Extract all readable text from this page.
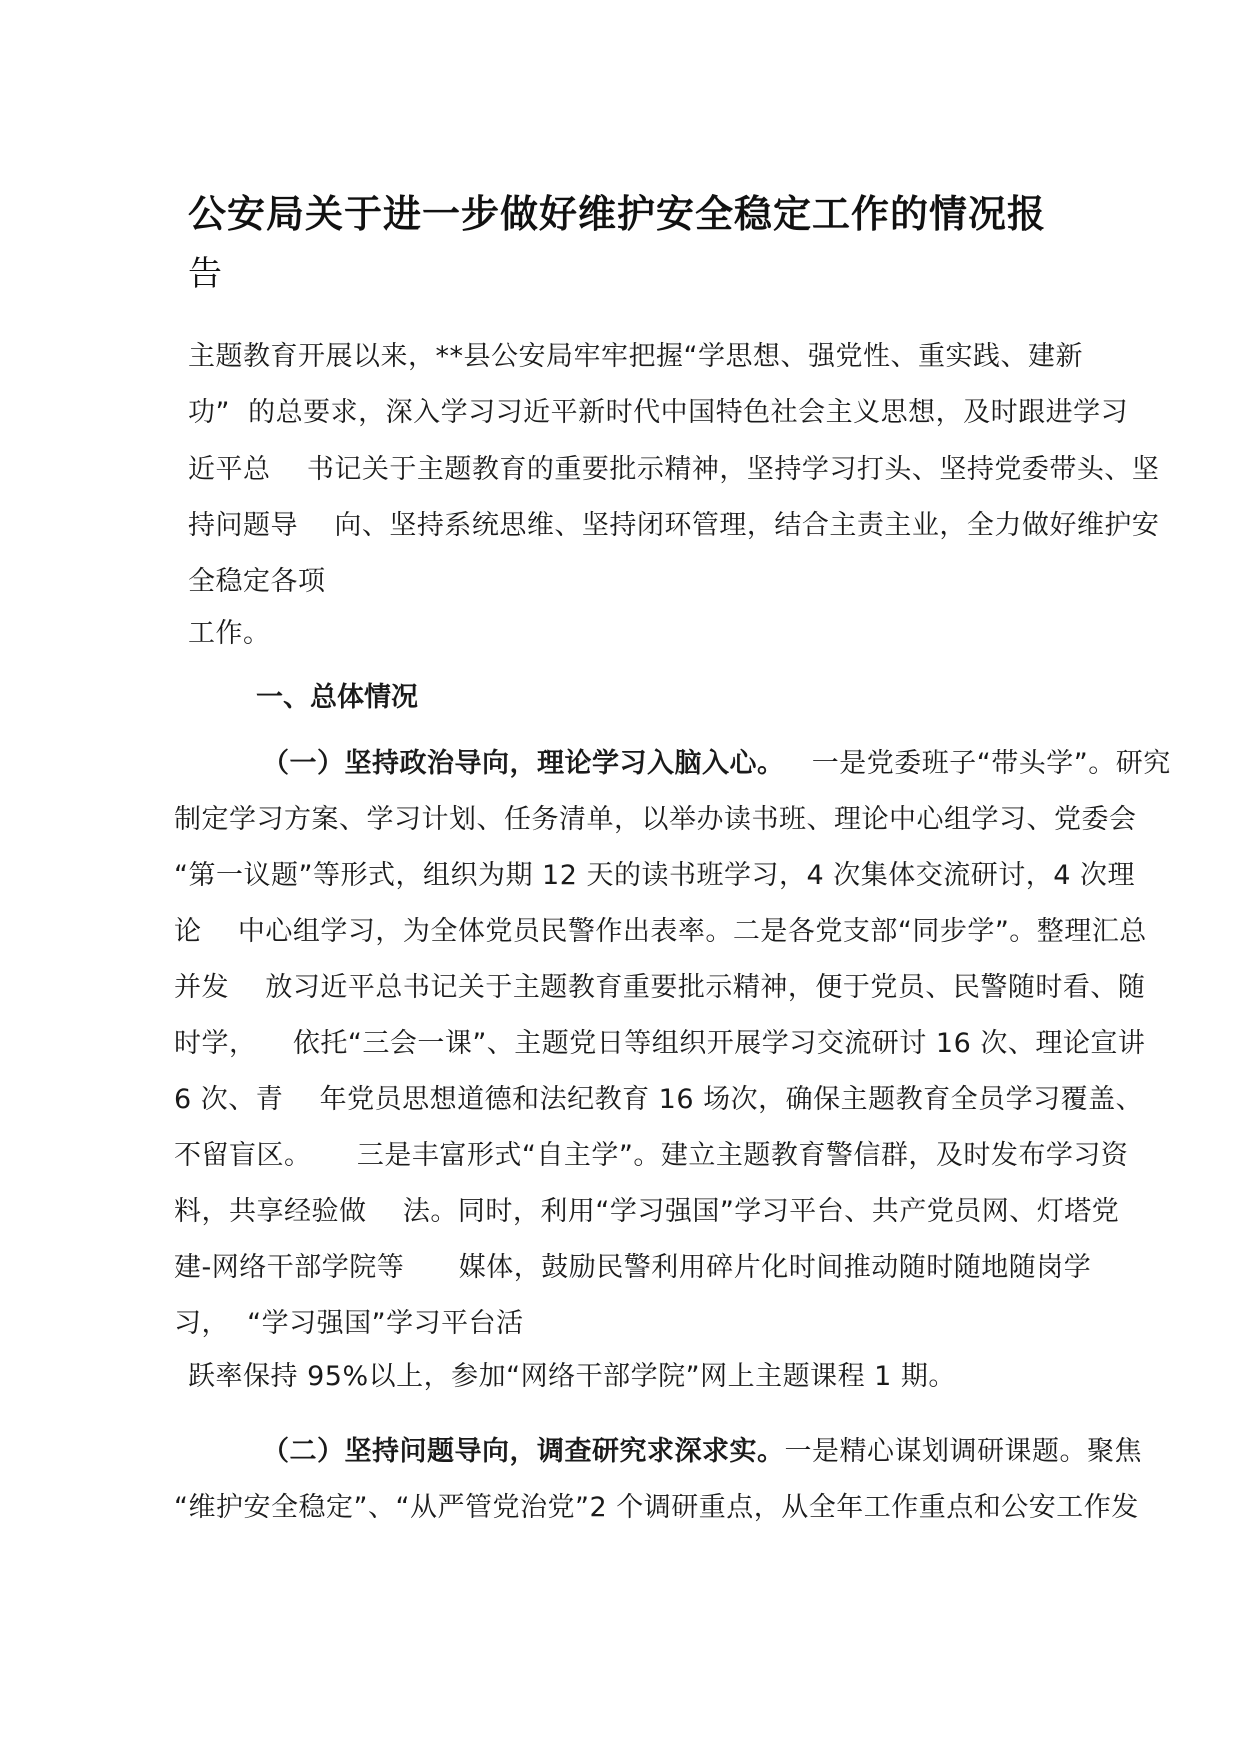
公安局关于进一步做好维护安全稳定工作的情况报
告
主题教育开展以来，**县公安局牢牢把握“学思想、强党性、重实践、建新
功”  的总要求，深入学习习近平新时代中国特色社会主义思想，及时跟进学习
近平总    书记关于主题教育的重要批示精神，坚持学习打头、坚持党委带头、坚
持问题导    向、坚持系统思维、坚持闭环管理，结合主责主业，全力做好维护安
全稳定各项
工作。
一、总体情况
（一）坚持政治导向，理论学习入脑入心。   一是党委班子“带头学”。研究
制定学习方案、学习计划、任务清单，以举办读书班、理论中心组学习、党委会
“第一议题”等形式，组织为期 12 天的读书班学习，4 次集体交流研讨，4 次理
论    中心组学习，为全体党员民警作出表率。二是各党支部“同步学”。整理汇总
并发    放习近平总书记关于主题教育重要批示精神，便于党员、民警随时看、随
时学，    依托“三会一课”、主题党日等组织开展学习交流研讨 16 次、理论宣讲
6 次、青    年党员思想道德和法纪教育 16 场次，确保主题教育全员学习覆盖、
不留盲区。     三是丰富形式“自主学”。建立主题教育警信群，及时发布学习资
料，共享经验做    法。同时，利用“学习强国”学习平台、共产党员网、灯塔党
建-网络干部学院等      媒体，鼓励民警利用碎片化时间推动随时随地随岗学
习，  “学习强国”学习平台活
跃率保持 95%以上，参加“网络干部学院”网上主题课程 1 期。
（二）坚持问题导向，调查研究求深求实。一是精心谋划调研课题。聚焦
“维护安全稳定”、“从严管党治党”2 个调研重点，从全年工作重点和公安工作发
